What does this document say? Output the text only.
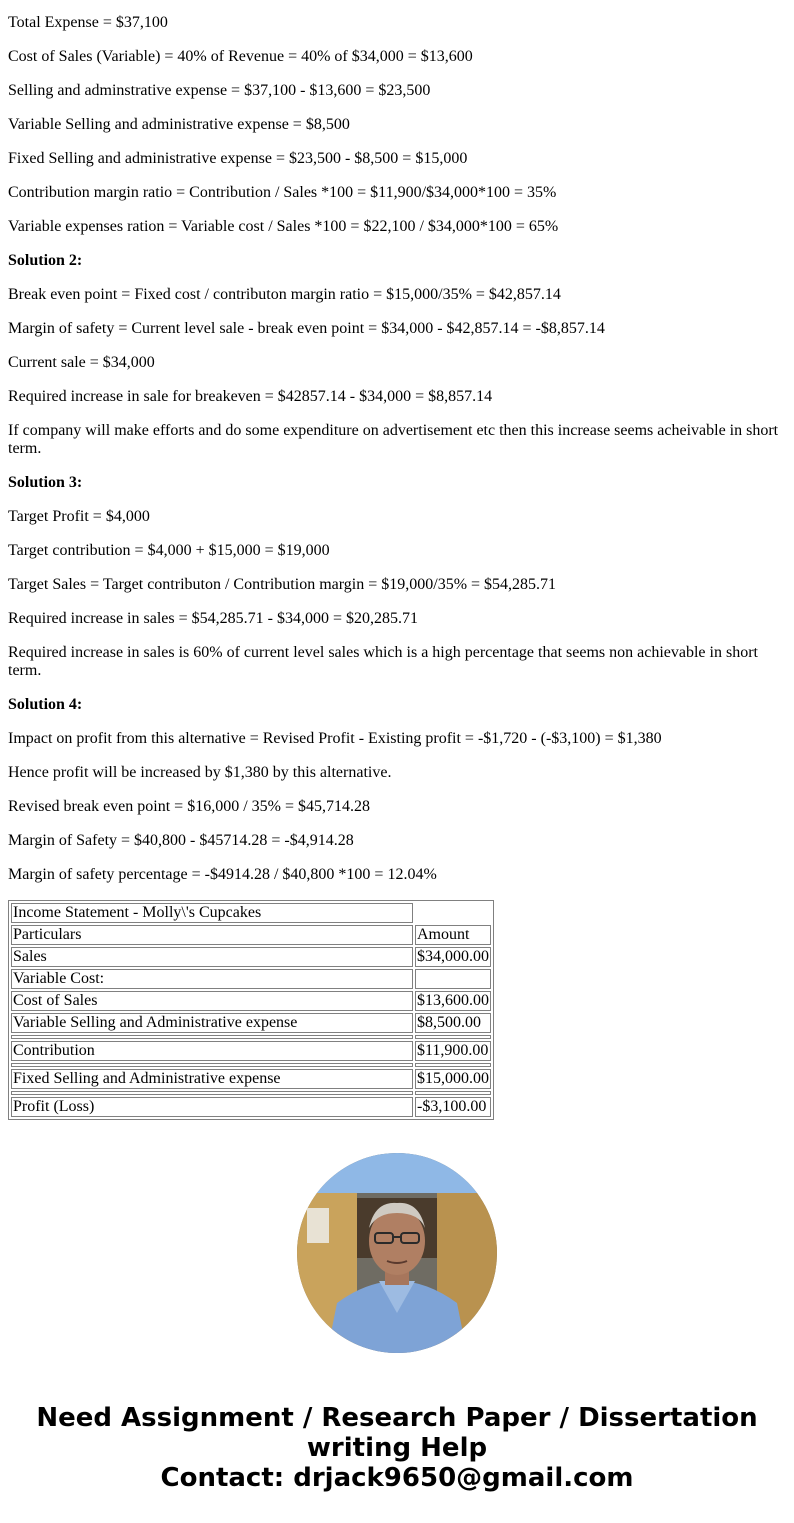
Total Expense = $37,100

Cost of Sales (Variable) = 40% of Revenue = 40% of $34,000 = $13,600

Selling and adminstrative expense = $37,100 - $13,600 = $23,500

Variable Selling and administrative expense = $8,500

Fixed Selling and administrative expense = $23,500 - $8,500 = $15,000

Contribution margin ratio = Contribution / Sales *100 = $11,900/$34,000*100 = 35%

Variable expenses ration = Variable cost / Sales *100 = $22,100 / $34,000*100 = 65%

Solution 2:

Break even point = Fixed cost / contributon margin ratio = $15,000/35% = $42,857.14

Margin of safety = Current level sale - break even point = $34,000 - $42,857.14 = -$8,857.14

Current sale = $34,000

Required increase in sale for breakeven = $42857.14 - $34,000 = $8,857.14

If company will make efforts and do some expenditure on advertisement etc then this increase seems acheivable in short term.

Solution 3:

Target Profit = $4,000

Target contribution = $4,000 + $15,000 = $19,000

Target Sales = Target contributon / Contribution margin = $19,000/35% = $54,285.71

Required increase in sales = $54,285.71 - $34,000 = $20,285.71

Required increase in sales is 60% of current level sales which is a high percentage that seems non achievable in short term.

Solution 4:

Impact on profit from this alternative = Revised Profit - Existing profit = -$1,720 - (-$3,100) = $1,380

Hence profit will be increased by $1,380 by this alternative.

Revised break even point = $16,000 / 35% = $45,714.28

Margin of Safety = $40,800 - $45714.28 = -$4,914.28

Margin of safety percentage = -$4914.28 / $40,800 *100 = 12.04%

Income Statement - Molly\'s Cupcakes	
Particulars	Amount
Sales	$34,000.00
Variable Cost:	
Cost of Sales	$13,600.00
Variable Selling and Administrative expense	$8,500.00

Contribution	$11,900.00

Fixed Selling and Administrative expense	$15,000.00

Profit (Loss)	-$3,100.00
Need Assignment / Research Paper / Dissertation
writing Help
Contact: drjack9650@gmail.com
